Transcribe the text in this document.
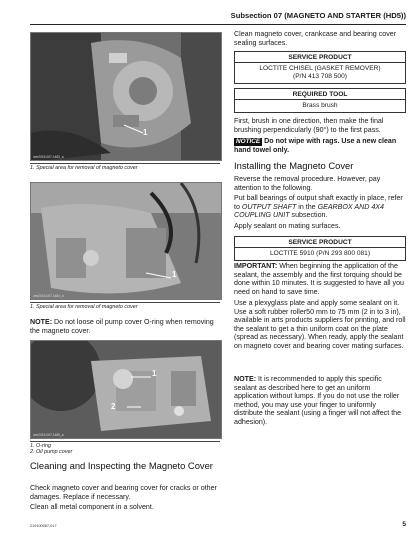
Subsection 07 (MAGNETO AND STARTER (HD5))
vmr2015-007-1483_a
1
1. Special area for removal of magneto cover
vmr2015-007-1484_a
1
1. Special area for removal of magneto cover
NOTE: Do not loose oil pump cover O-ring when removing the magneto cover.
vmr2015-007-1485_a
1
2
1. O-ring
2. Oil pump cover
Cleaning and Inspecting the Magneto Cover
Check magneto cover and bearing cover for cracks or other damages. Replace if necessary.
Clean all metal component in a solvent.
Clean magneto cover, crankcase and bearing cover sealing surfaces.
SERVICE PRODUCT
LOCTITE CHISEL (GASKET REMOVER)
(P/N 413 708 500)
REQUIRED TOOL
Brass brush
First, brush in one direction, then make the final brushing perpendicularly (90°) to the first pass.
NOTICE Do not wipe with rags. Use a new clean hand towel only.
Installing the Magneto Cover
Reverse the removal procedure. However, pay attention to the following.
Put ball bearings of output shaft exactly in place, refer to OUTPUT SHAFT in the GEARBOX AND 4X4 COUPLING UNIT subsection.
Apply sealant on mating surfaces.
SERVICE PRODUCT
LOCTITE 5910 (P/N 293 800 081)
IMPORTANT: When beginning the application of the sealant, the assembly and the first torquing should be done within 10 minutes. It is suggested to have all you need on hand to save time.
Use a plexyglass plate and apply some sealant on it. Use a soft rubber roller50 mm to 75 mm (2 in to 3 in), available in arts products suppliers for printing, and roll the sealant to get a thin uniform coat on the plate (spread as necessary). When ready, apply the sealant on magneto cover and bearing cover mating surfaces.
NOTE: It is recommended to apply this specific sealant as described here to get an uniform application without lumps. If you do not use the roller method, you may use your finger to uniformly distribute the sealant (using a finger will not affect the adhesion).
219100967-017	5
